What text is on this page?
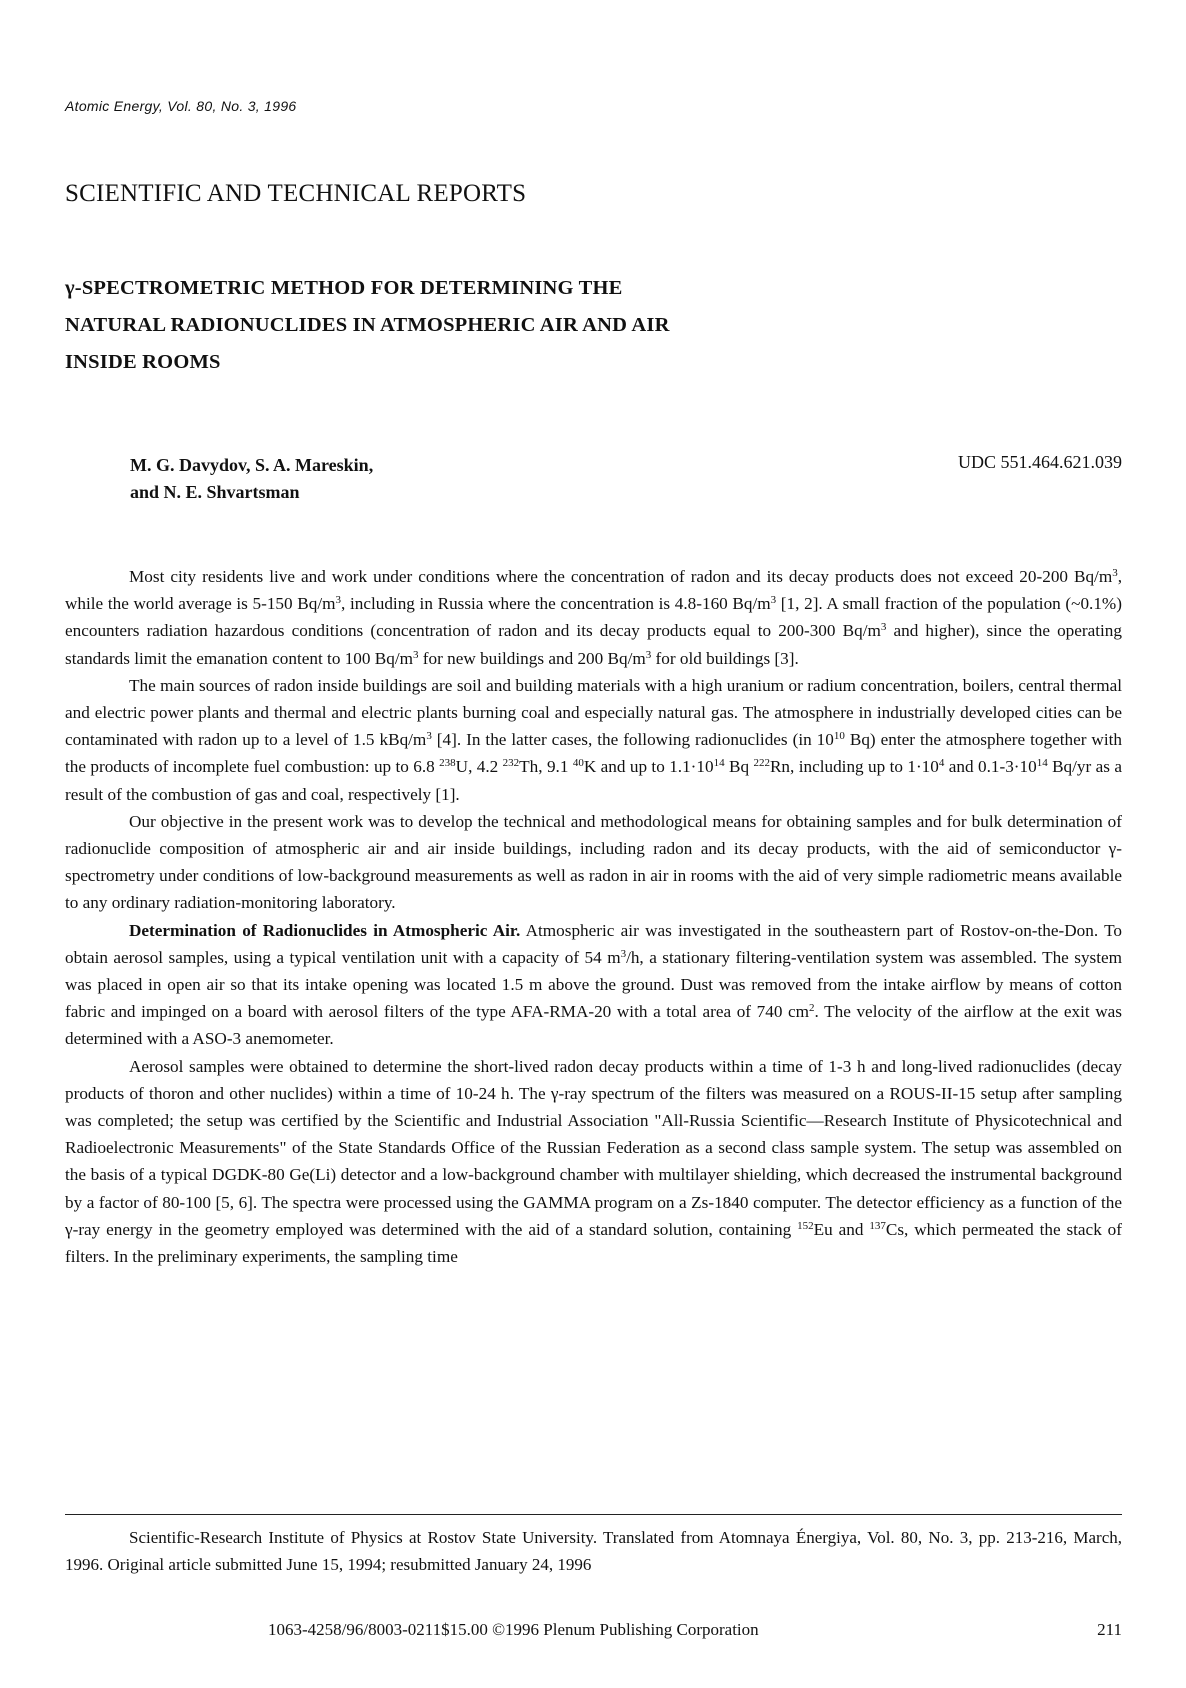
Atomic Energy, Vol. 80, No. 3, 1996
SCIENTIFIC AND TECHNICAL REPORTS
γ-SPECTROMETRIC METHOD FOR DETERMINING THE
NATURAL RADIONUCLIDES IN ATMOSPHERIC AIR AND AIR
INSIDE ROOMS
M. G. Davydov, S. A. Mareskin,
and N. E. Shvartsman
UDC 551.464.621.039

Most city residents live and work under conditions where the concentration of radon and its decay products does not exceed 20-200 $Bq/m^3$, while the world average is 5-150 $Bq/m^3$, including in Russia where the concentration is 4.8-160 $Bq/m^3$ [1, 2]. A small fraction of the population (~0.1%) encounters radiation hazardous conditions (concentration of radon and its decay products equal to 200-300 $Bq/m^3$ and higher), since the operating standards limit the emanation content to 100 $Bq/m^3$ for new buildings and 200 $Bq/m^3$ for old buildings [3].

The main sources of radon inside buildings are soil and building materials with a high uranium or radium concentration, boilers, central thermal and electric power plants and thermal and electric plants burning coal and especially natural gas. The atmosphere in industrially developed cities can be contaminated with radon up to a level of 1.5 kBq/$m^3$ [4]. In the latter cases, the following radionuclides (in $10^{10}$ Bq) enter the atmosphere together with the products of incomplete fuel combustion: up to 6.8 $^{238}$U, 4.2 $^{232}$Th, 9.1 $^{40}$K and up to $1.1\cdot 10^{14}$ Bq $^{222}$Rn, including up to $1\cdot 10^4$ and $0.1-3\cdot 10^{14}$ Bq/yr as a result of the combustion of gas and coal, respectively [1].

Our objective in the present work was to develop the technical and methodological means for obtaining samples and for bulk determination of radionuclide composition of atmospheric air and air inside buildings, including radon and its decay products, with the aid of semiconductor γ-spectrometry under conditions of low-background measurements as well as radon in air in rooms with the aid of very simple radiometric means available to any ordinary radiation-monitoring laboratory.

Determination of Radionuclides in Atmospheric Air. Atmospheric air was investigated in the southeastern part of Rostov-on-the-Don. To obtain aerosol samples, using a typical ventilation unit with a capacity of 54 $m^3/h$, a stationary filtering-ventilation system was assembled. The system was placed in open air so that its intake opening was located 1.5 m above the ground. Dust was removed from the intake airflow by means of cotton fabric and impinged on a board with aerosol filters of the type AFA-RMA-20 with a total area of 740 $cm^2$. The velocity of the airflow at the exit was determined with a ASO-3 anemometer.

Aerosol samples were obtained to determine the short-lived radon decay products within a time of 1-3 h and long-lived radionuclides (decay products of thoron and other nuclides) within a time of 10-24 h. The γ-ray spectrum of the filters was measured on a ROUS-II-15 setup after sampling was completed; the setup was certified by the Scientific and Industrial Association "All-Russia Scientific—Research Institute of Physicotechnical and Radioelectronic Measurements" of the State Standards Office of the Russian Federation as a second class sample system. The setup was assembled on the basis of a typical DGDK-80 Ge(Li) detector and a low-background chamber with multilayer shielding, which decreased the instrumental background by a factor of 80-100 [5, 6]. The spectra were processed using the GAMMA program on a Zs-1840 computer. The detector efficiency as a function of the γ-ray energy in the geometry employed was determined with the aid of a standard solution, containing $^{152}$Eu and $^{137}$Cs, which permeated the stack of filters. In the preliminary experiments, the sampling time

Scientific-Research Institute of Physics at Rostov State University. Translated from Atomnaya Énergiya, Vol. 80, No. 3, pp. 213-216, March, 1996. Original article submitted June 15, 1994; resubmitted January 24, 1996

1063-4258/96/8003-0211$15.00 ©1996 Plenum Publishing Corporation	211
